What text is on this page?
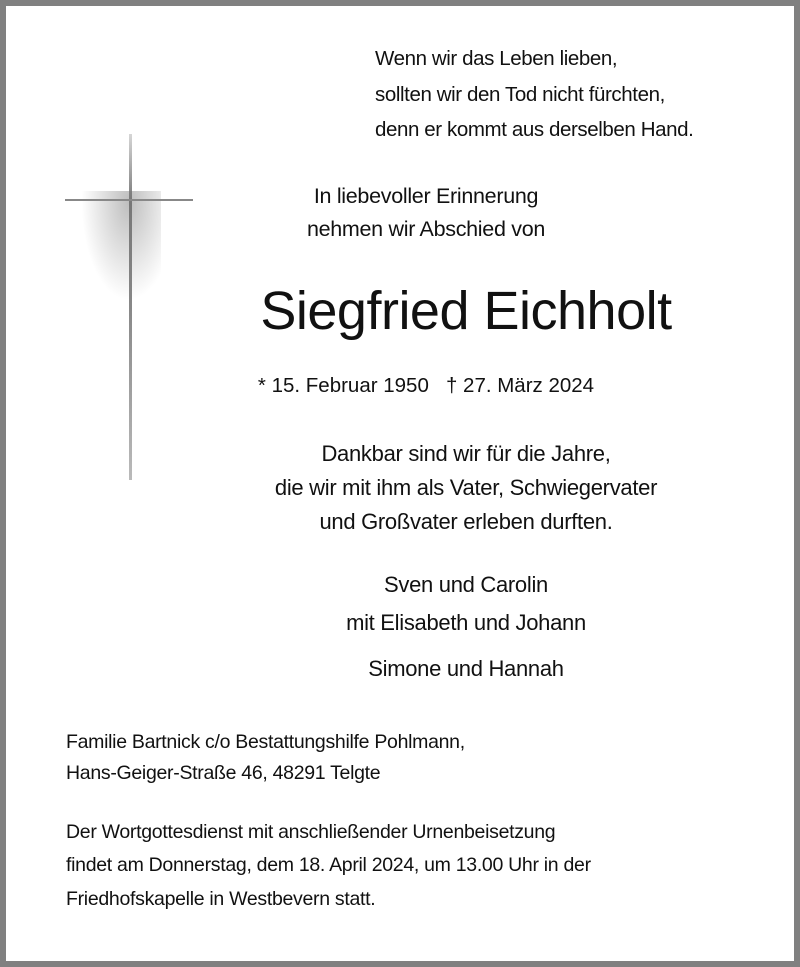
Wenn wir das Leben lieben,
sollten wir den Tod nicht fürchten,
denn er kommt aus derselben Hand.
In liebevoller Erinnerung
nehmen wir Abschied von
Siegfried Eichholt
* 15. Februar 1950   † 27. März 2024
Dankbar sind wir für die Jahre,
die wir mit ihm als Vater, Schwiegervater
und Großvater erleben durften.
Sven und Carolin
mit Elisabeth und Johann
Simone und Hannah
Familie Bartnick c/o Bestattungshilfe Pohlmann,
Hans-Geiger-Straße 46, 48291 Telgte
Der Wortgottesdienst mit anschließender Urnenbeisetzung
findet am Donnerstag, dem 18. April 2024, um 13.00 Uhr in der
Friedhofskapelle in Westbevern statt.
